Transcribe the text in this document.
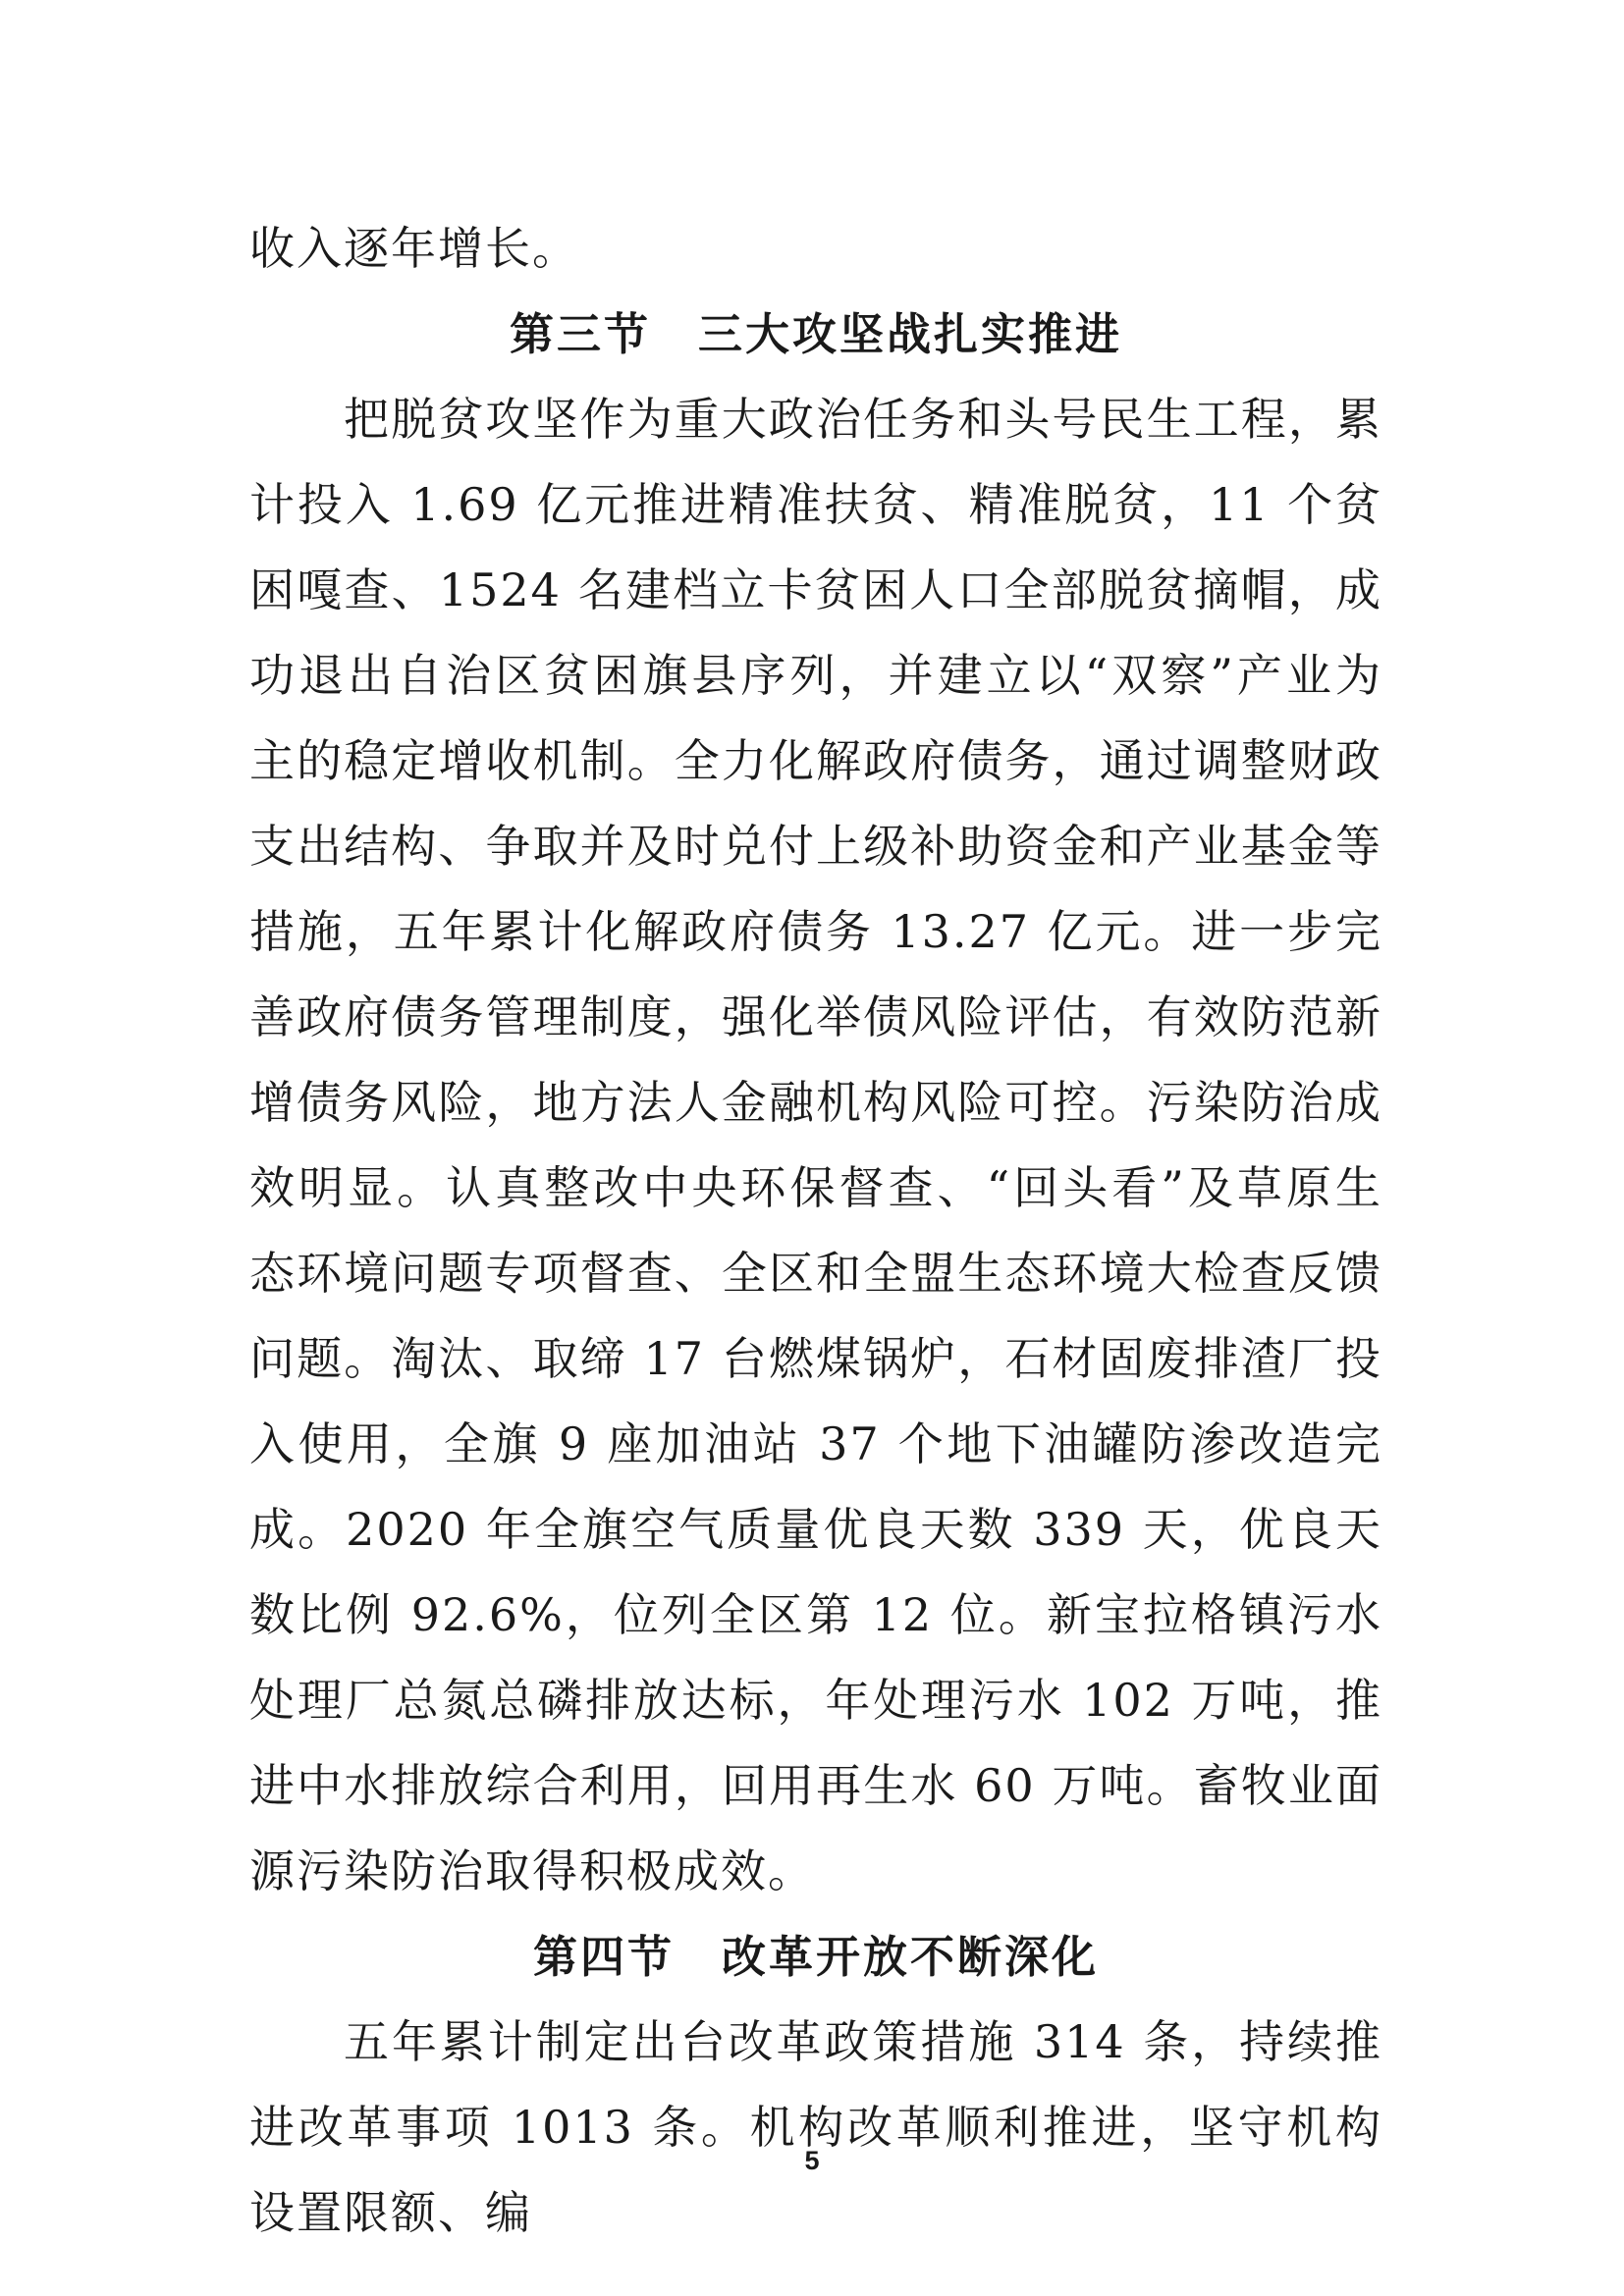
收入逐年增长。

第三节　三大攻坚战扎实推进

把脱贫攻坚作为重大政治任务和头号民生工程，累计投入 1.69 亿元推进精准扶贫、精准脱贫，11 个贫困嘎查、1524 名建档立卡贫困人口全部脱贫摘帽，成功退出自治区贫困旗县序列，并建立以“双察”产业为主的稳定增收机制。全力化解政府债务，通过调整财政支出结构、争取并及时兑付上级补助资金和产业基金等措施，五年累计化解政府债务 13.27 亿元。进一步完善政府债务管理制度，强化举债风险评估，有效防范新增债务风险，地方法人金融机构风险可控。污染防治成效明显。认真整改中央环保督查、“回头看”及草原生态环境问题专项督查、全区和全盟生态环境大检查反馈问题。淘汰、取缔 17 台燃煤锅炉，石材固废排渣厂投入使用，全旗 9 座加油站 37 个地下油罐防渗改造完成。2020 年全旗空气质量优良天数 339 天，优良天数比例 92.6%，位列全区第 12 位。新宝拉格镇污水处理厂总氮总磷排放达标，年处理污水 102 万吨，推进中水排放综合利用，回用再生水 60 万吨。畜牧业面源污染防治取得积极成效。

第四节　改革开放不断深化

五年累计制定出台改革政策措施 314 条，持续推进改革事项 1013 条。机构改革顺利推进，坚守机构设置限额、编

5
